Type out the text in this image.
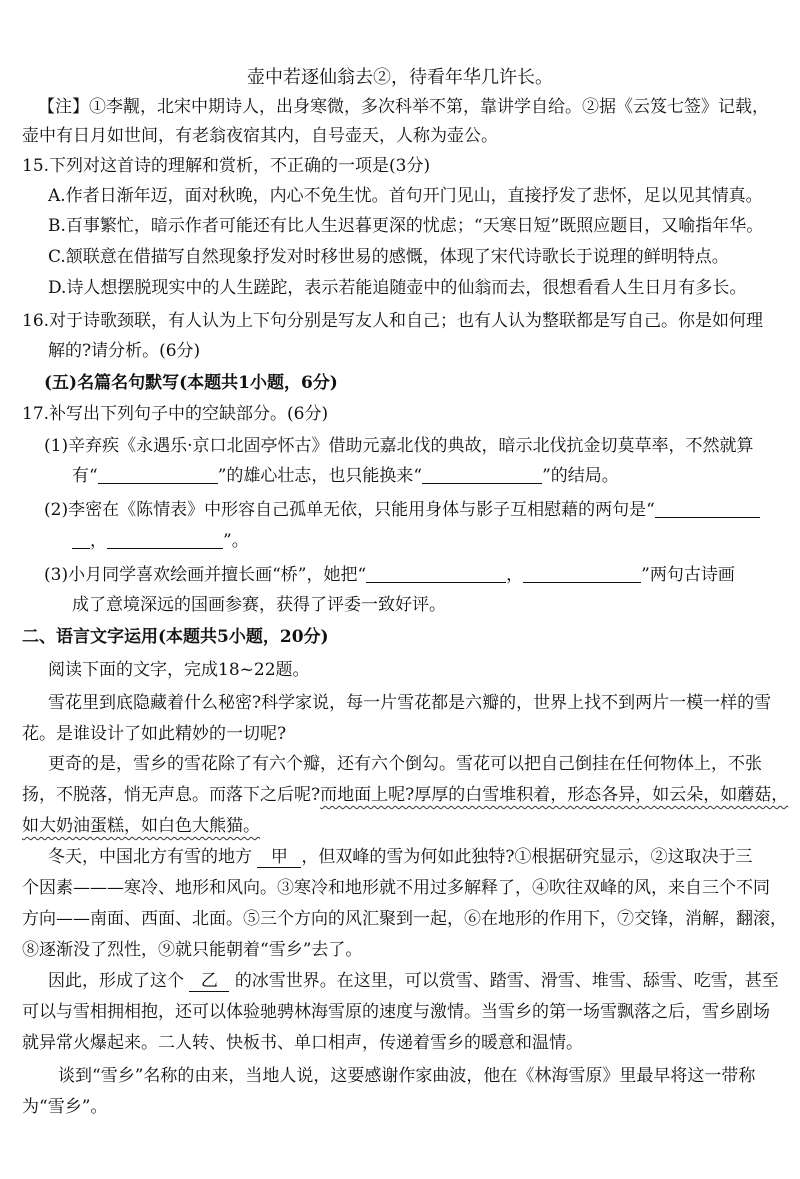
壶中若逐仙翁去②，待看年华几许长。
【注】①李觏，北宋中期诗人，出身寒微，多次科举不第，靠讲学自给。②据《云笈七签》记载，
壶中有日月如世间，有老翁夜宿其内，自号壶天，人称为壶公。
15.下列对这首诗的理解和赏析，不正确的一项是(3分)
A.作者日渐年迈，面对秋晚，内心不免生忧。首句开门见山，直接抒发了悲怀，足以见其情真。
B.百事繁忙，暗示作者可能还有比人生迟暮更深的忧虑；“天寒日短”既照应题目，又喻指年华。
C.颔联意在借描写自然现象抒发对时移世易的感慨，体现了宋代诗歌长于说理的鲜明特点。
D.诗人想摆脱现实中的人生蹉跎，表示若能追随壶中的仙翁而去，很想看看人生日月有多长。
16.对于诗歌颈联，有人认为上下句分别是写友人和自己；也有人认为整联都是写自己。你是如何理
解的?请分析。(6分)
(五)名篇名句默写(本题共1小题，6分)
17.补写出下列句子中的空缺部分。(6分)
(1)辛弃疾《永遇乐·京口北固亭怀古》借助元嘉北伐的典故，暗示北伐抗金切莫草率，不然就算
有“	”的雄心壮志，也只能换来“	”的结局。
(2)李密在《陈情表》中形容自己孤单无依，只能用身体与影子互相慰藉的两句是“
，	”。
(3)小月同学喜欢绘画并擅长画“桥”，她把“	，	”两句古诗画
成了意境深远的国画参赛，获得了评委一致好评。
二、语言文字运用(本题共5小题，20分)
阅读下面的文字，完成18~22题。
雪花里到底隐藏着什么秘密?科学家说，每一片雪花都是六瓣的，世界上找不到两片一模一样的雪
花。是谁设计了如此精妙的一切呢?
更奇的是，雪乡的雪花除了有六个瓣，还有六个倒勾。雪花可以把自己倒挂在任何物体上，不张
扬，不脱落，悄无声息。而落下之后呢?而地面上呢?厚厚的白雪堆积着，形态各异，如云朵，如蘑菇，
如大奶油蛋糕，如白色大熊猫。
冬天，中国北方有雪的地方 甲 ，但双峰的雪为何如此独特?①根据研究显示，②这取决于三
个因素———寒冷、地形和风向。③寒冷和地形就不用过多解释了，④吹往双峰的风，来自三个不同
方向——南面、西面、北面。⑤三个方向的风汇聚到一起，⑥在地形的作用下，⑦交锋，消解，翻滚，
⑧逐渐没了烈性，⑨就只能朝着“雪乡”去了。
因此，形成了这个 乙 的冰雪世界。在这里，可以赏雪、踏雪、滑雪、堆雪、舔雪、吃雪，甚至
可以与雪相拥相抱，还可以体验驰骋林海雪原的速度与激情。当雪乡的第一场雪飘落之后，雪乡剧场
就异常火爆起来。二人转、快板书、单口相声，传递着雪乡的暖意和温情。
谈到“雪乡”名称的由来，当地人说，这要感谢作家曲波，他在《林海雪原》里最早将这一带称
为“雪乡”。
